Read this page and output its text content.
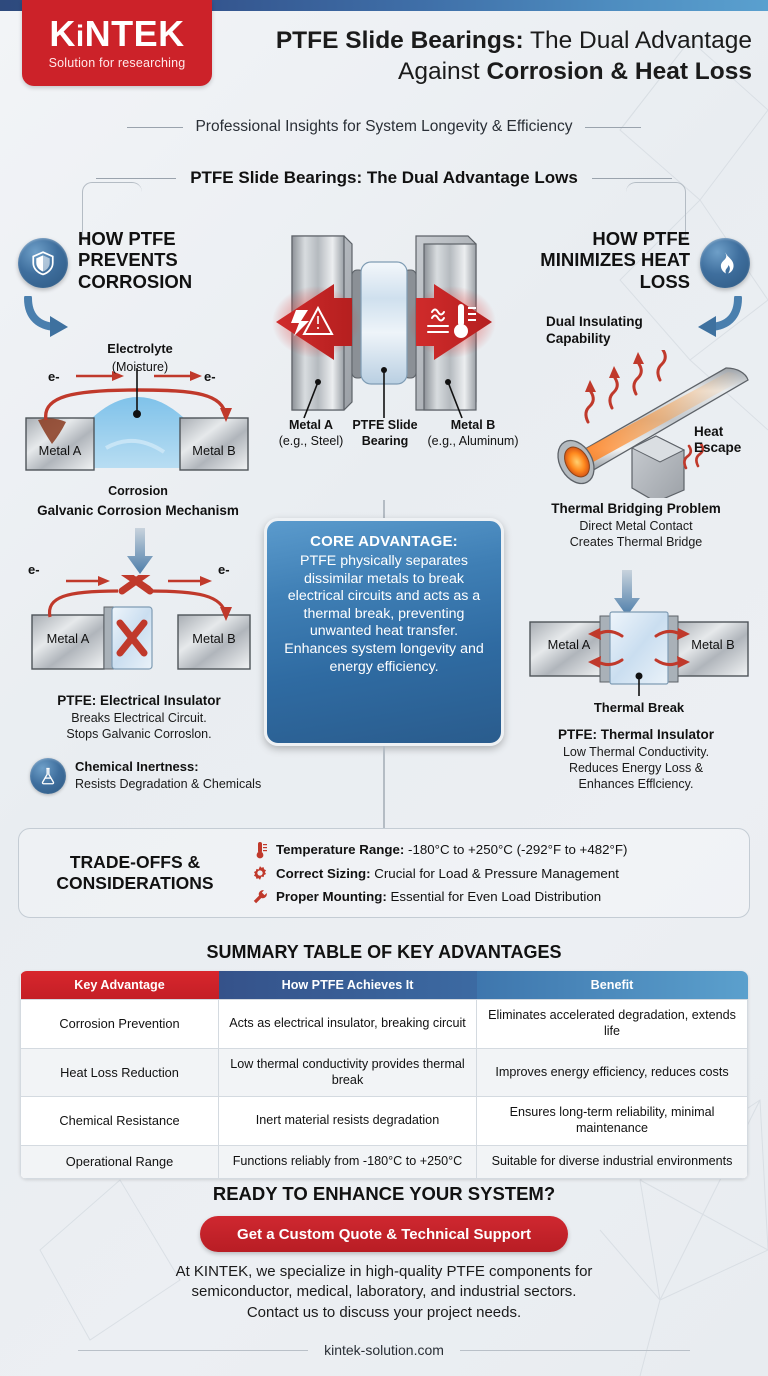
KiNTEK
Solution for researching
PTFE Slide Bearings: The Dual Advantage
Against Corrosion & Heat Loss
Professional Insights for System Longevity & Efficiency
PTFE Slide Bearings: The Dual Advantage Lows
HOW PTFE PREVENTS CORROSION
HOW PTFE MINIMIZES HEAT LOSS
Metal A
(e.g., Steel)
PTFE Slide
Bearing
Metal B
(e.g., Aluminum)
Electrolyte
(Moisture)
e-	e-
Metal A	Metal B
Corrosion
Galvanic Corrosion Mechanism
Metal A	Metal B
e-	e-
PTFE: Electrical Insulator
Breaks Electrical Circuit.
Stops Galvanic Corroslon.
Chemical Inertness:
Resists Degradation & Chemicals
Dual Insulating Capability
Heat Escape
Thermal Bridging Problem
Direct Metal Contact
Creates Thermal Bridge
Metal A	Metal B
Thermal Break
PTFE: Thermal Insulator
Low Thermal Conductivity.
Reduces Energy Loss &
Enhances Efflciency.
CORE ADVANTAGE:

PTFE physically separates dissimilar metals to break electrical circuits and acts as a thermal break, preventing unwanted heat transfer. Enhances system longevity and energy efficiency.

TRADE-OFFS &
CONSIDERATIONS
Temperature Range: -180°C to +250°C (-292°F to +482°F)
Correct Sizing: Crucial for Load & Pressure Management
Proper Mounting: Essential for Even Load Distribution
SUMMARY TABLE OF KEY ADVANTAGES
Key Advantage	How PTFE Achieves It	Benefit
Corrosion Prevention	Acts as electrical insulator, breaking circuit	Eliminates accelerated degradation, extends life
Heat Loss Reduction	Low thermal conductivity provides thermal break	Improves energy efficiency, reduces costs
Chemical Resistance	Inert material resists degradation	Ensures long-term reliability, minimal maintenance
Operational Range	Functions reliably from -180°C to +250°C	Suitable for diverse industrial environments
READY TO ENHANCE YOUR SYSTEM?
Get a Custom Quote & Technical Support
At KINTEK, we specialize in high-quality PTFE components for
semiconductor, medical, laboratory, and industrial sectors.
Contact us to discuss your project needs.
kintek-solution.com
